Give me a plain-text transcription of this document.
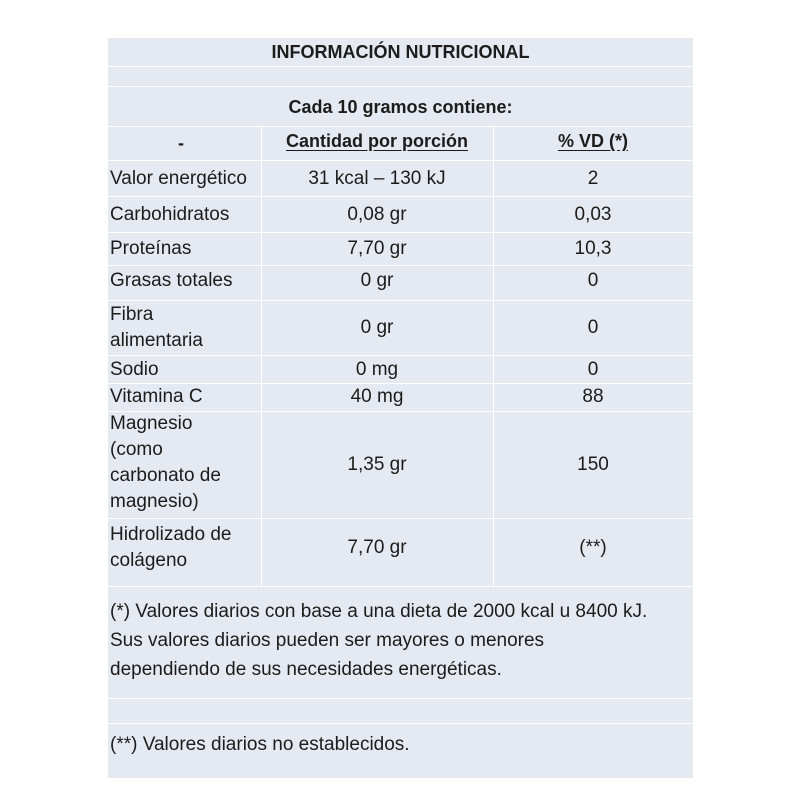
INFORMACIÓN NUTRICIONAL
Cada 10 gramos contiene:
-	Cantidad por porción	% VD (*)
Valor energético	31 kcal – 130 kJ	2
Carbohidratos	0,08 gr	0,03
Proteínas	7,70 gr	10,3
Grasas totales	0 gr	0
Fibra
alimentaria
0 gr	0
Sodio	0 mg	0
Vitamina C	40 mg	88
Magnesio
(como
carbonato de
magnesio)
1,35 gr	150
Hidrolizado de
colágeno
7,70 gr	(**)
(*) Valores diarios con base a una dieta de 2000 kcal u 8400 kJ.
Sus valores diarios pueden ser mayores o menores
dependiendo de sus necesidades energéticas.
(**) Valores diarios no establecidos.
